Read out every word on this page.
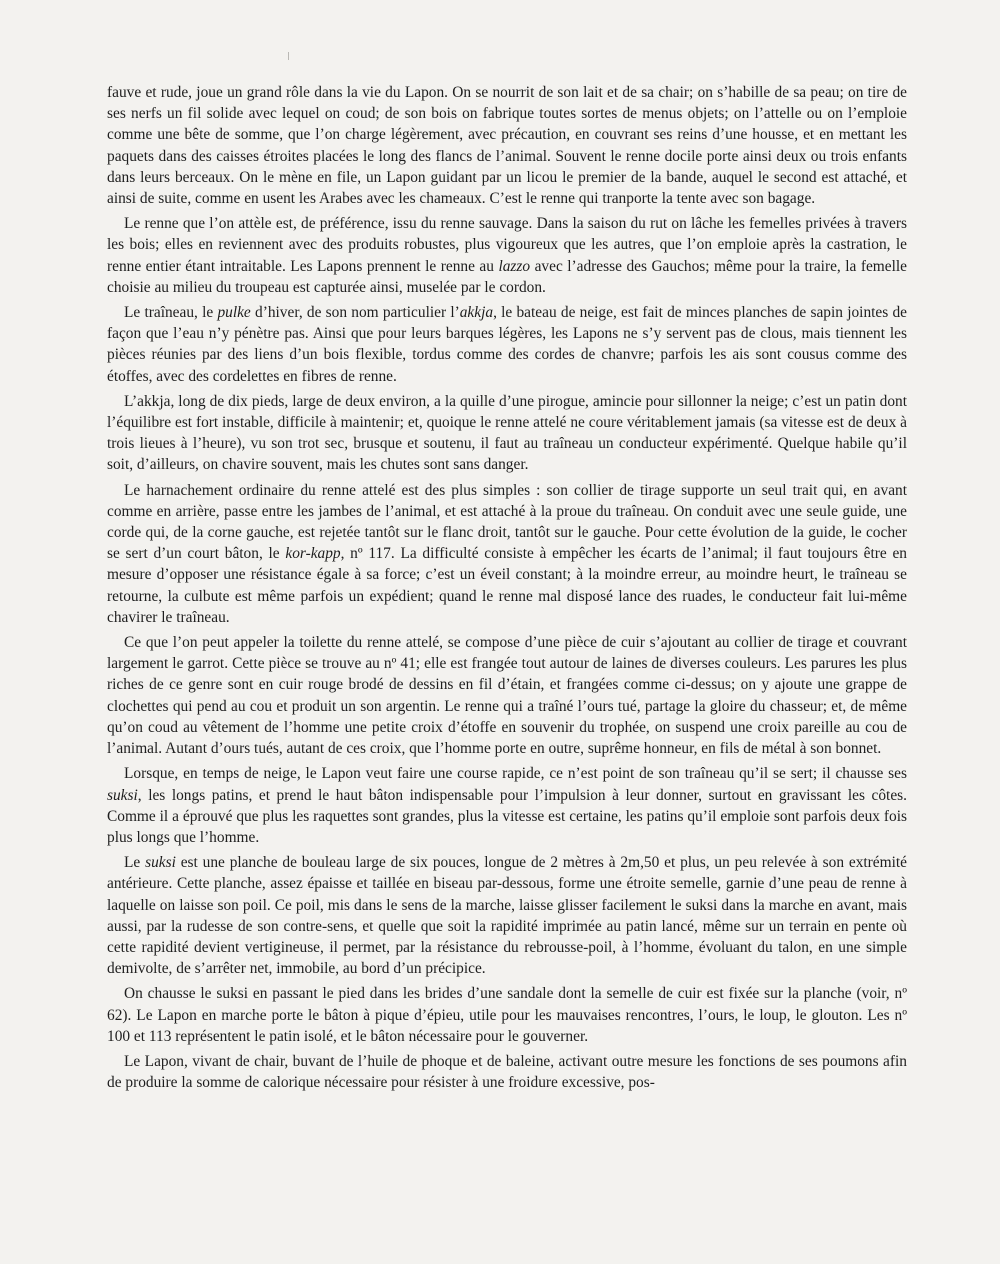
fauve et rude, joue un grand rôle dans la vie du Lapon. On se nourrit de son lait et de sa chair; on s’habille de sa peau; on tire de ses nerfs un fil solide avec lequel on coud; de son bois on fabrique toutes sortes de menus objets; on l’attelle ou on l’emploie comme une bête de somme, que l’on charge légèrement, avec précaution, en couvrant ses reins d’une housse, et en mettant les paquets dans des caisses étroites placées le long des flancs de l’animal. Souvent le renne docile porte ainsi deux ou trois enfants dans leurs berceaux. On le mène en file, un Lapon guidant par un licou le premier de la bande, auquel le second est attaché, et ainsi de suite, comme en usent les Arabes avec les chameaux. C’est le renne qui tranporte la tente avec son bagage.

Le renne que l’on attèle est, de préférence, issu du renne sauvage. Dans la saison du rut on lâche les femelles privées à travers les bois; elles en reviennent avec des produits robustes, plus vigoureux que les autres, que l’on emploie après la castration, le renne entier étant intraitable. Les Lapons prennent le renne au lazzo avec l’adresse des Gauchos; même pour la traire, la femelle choisie au milieu du troupeau est capturée ainsi, muselée par le cordon.

Le traîneau, le pulke d’hiver, de son nom particulier l’akkja, le bateau de neige, est fait de minces planches de sapin jointes de façon que l’eau n’y pénètre pas. Ainsi que pour leurs barques légères, les Lapons ne s’y servent pas de clous, mais tiennent les pièces réunies par des liens d’un bois flexible, tordus comme des cordes de chanvre; parfois les ais sont cousus comme des étoffes, avec des cordelettes en fibres de renne.

L’akkja, long de dix pieds, large de deux environ, a la quille d’une pirogue, amincie pour sillonner la neige; c’est un patin dont l’équilibre est fort instable, difficile à maintenir; et, quoique le renne attelé ne coure véritablement jamais (sa vitesse est de deux à trois lieues à l’heure), vu son trot sec, brusque et soutenu, il faut au traîneau un conducteur expérimenté. Quelque habile qu’il soit, d’ailleurs, on chavire souvent, mais les chutes sont sans danger.

Le harnachement ordinaire du renne attelé est des plus simples : son collier de tirage supporte un seul trait qui, en avant comme en arrière, passe entre les jambes de l’animal, et est attaché à la proue du traîneau. On conduit avec une seule guide, une corde qui, de la corne gauche, est rejetée tantôt sur le flanc droit, tantôt sur le gauche. Pour cette évolution de la guide, le cocher se sert d’un court bâton, le kor-kapp, nº 117. La difficulté consiste à empêcher les écarts de l’animal; il faut toujours être en mesure d’opposer une résistance égale à sa force; c’est un éveil constant; à la moindre erreur, au moindre heurt, le traîneau se retourne, la culbute est même parfois un expédient; quand le renne mal disposé lance des ruades, le conducteur fait lui-même chavirer le traîneau.

Ce que l’on peut appeler la toilette du renne attelé, se compose d’une pièce de cuir s’ajoutant au collier de tirage et couvrant largement le garrot. Cette pièce se trouve au nº 41; elle est frangée tout autour de laines de diverses couleurs. Les parures les plus riches de ce genre sont en cuir rouge brodé de dessins en fil d’étain, et frangées comme ci-dessus; on y ajoute une grappe de clochettes qui pend au cou et produit un son argentin. Le renne qui a traîné l’ours tué, partage la gloire du chasseur; et, de même qu’on coud au vêtement de l’homme une petite croix d’étoffe en souvenir du trophée, on suspend une croix pareille au cou de l’animal. Autant d’ours tués, autant de ces croix, que l’homme porte en outre, suprême honneur, en fils de métal à son bonnet.

Lorsque, en temps de neige, le Lapon veut faire une course rapide, ce n’est point de son traîneau qu’il se sert; il chausse ses suksi, les longs patins, et prend le haut bâton indispensable pour l’impulsion à leur donner, surtout en gravissant les côtes. Comme il a éprouvé que plus les raquettes sont grandes, plus la vitesse est certaine, les patins qu’il emploie sont parfois deux fois plus longs que l’homme.

Le suksi est une planche de bouleau large de six pouces, longue de 2 mètres à 2m,50 et plus, un peu relevée à son extrémité antérieure. Cette planche, assez épaisse et taillée en biseau par-dessous, forme une étroite semelle, garnie d’une peau de renne à laquelle on laisse son poil. Ce poil, mis dans le sens de la marche, laisse glisser facilement le suksi dans la marche en avant, mais aussi, par la rudesse de son contre-sens, et quelle que soit la rapidité imprimée au patin lancé, même sur un terrain en pente où cette rapidité devient vertigineuse, il permet, par la résistance du rebrousse-poil, à l’homme, évoluant du talon, en une simple demivolte, de s’arrêter net, immobile, au bord d’un précipice.

On chausse le suksi en passant le pied dans les brides d’une sandale dont la semelle de cuir est fixée sur la planche (voir, nº 62). Le Lapon en marche porte le bâton à pique d’épieu, utile pour les mauvaises rencontres, l’ours, le loup, le glouton. Les nº 100 et 113 représentent le patin isolé, et le bâton nécessaire pour le gouverner.

Le Lapon, vivant de chair, buvant de l’huile de phoque et de baleine, activant outre mesure les fonctions de ses poumons afin de produire la somme de calorique nécessaire pour résister à une froidure excessive, pos-
